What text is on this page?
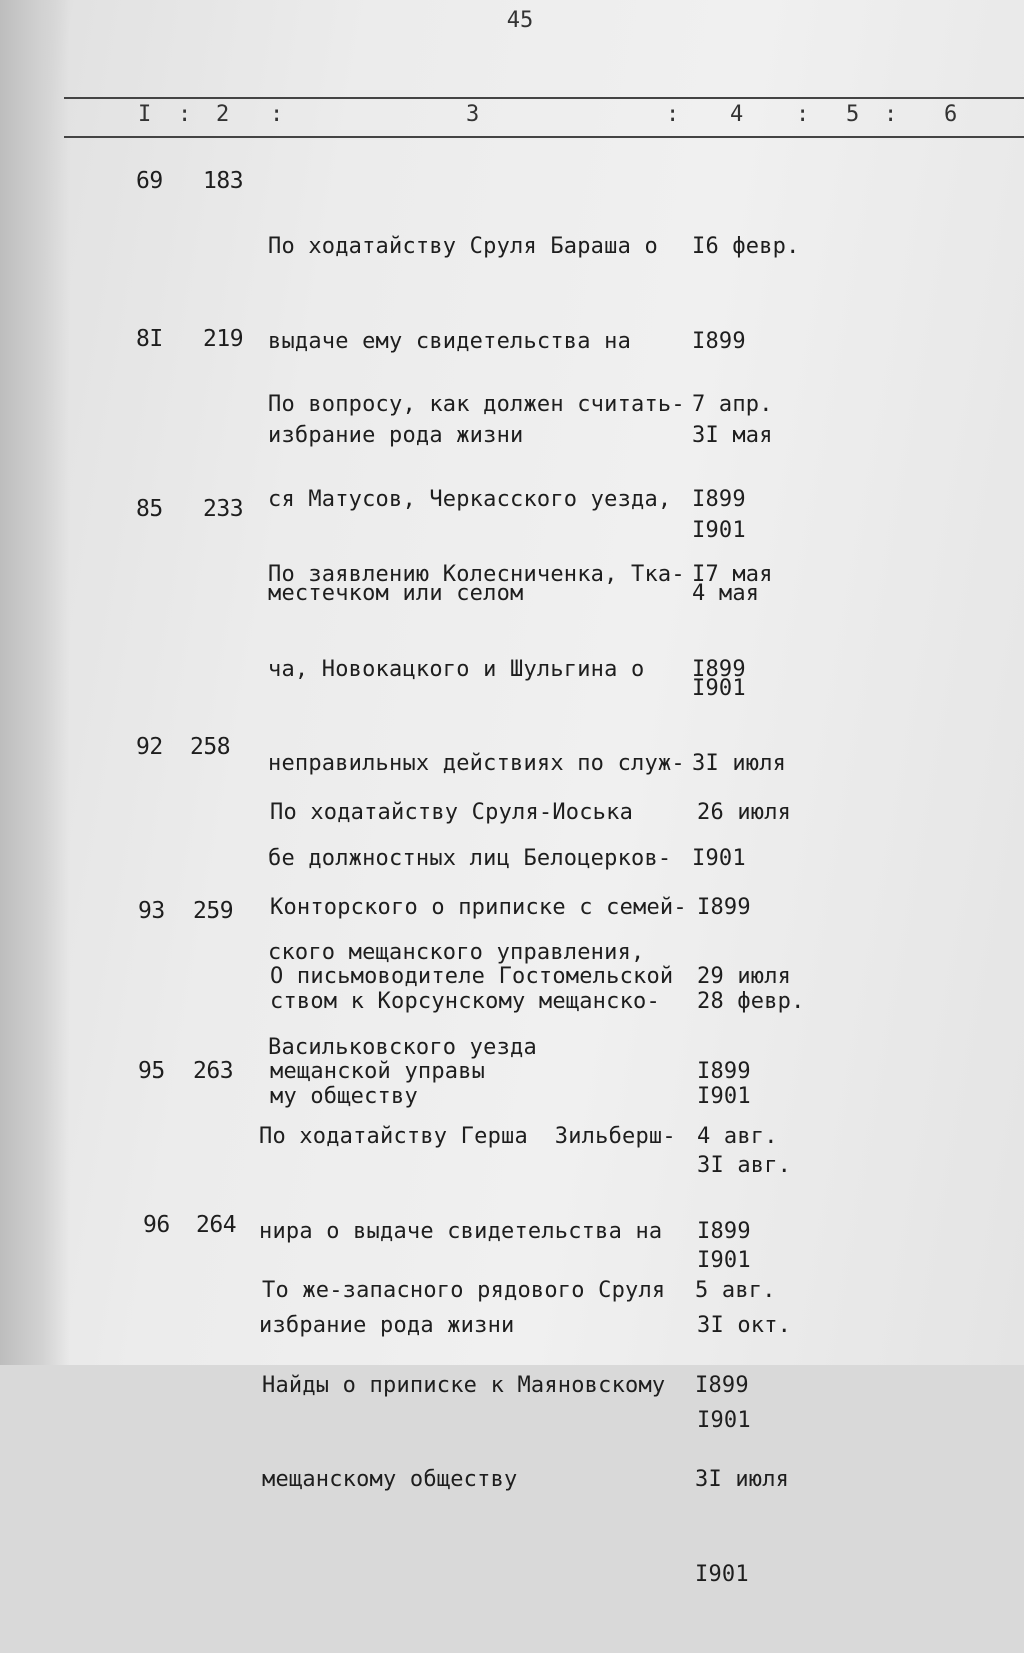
45
I : 2 :	3	: 4 : 5 : 6
69 183

По ходатайству Сруля Бараша о

выдаче ему свидетельства на

избрание рода жизни

I6 февр.

I899

3I мая

I901

8I 219

По вопросу, как должен считать-

ся Матусов, Черкасского уезда,

местечком или селом

7 апр.

I899

4 мая

I901

85 233

По заявлению Колесниченка, Тка-

ча, Новокацкого и Шульгина о

неправильных действиях по служ-

бе должностных лиц Белоцерков-

ского мещанского управления,

Васильковского уезда

I7 мая

I899

3I июля

I901

92 258

По ходатайству Сруля-Иоська

Конторского о приписке с семей-

ством к Корсунскому мещанско-

му обществу

26 июля

I899

28 февр.

I901

93 259

О письмоводителе Гостомельской

мещанской управы

29 июля

I899

3I авг.

I901

95 263

По ходатайству Герша  Зильберш-

нира о выдаче свидетельства на

избрание рода жизни

4 авг.

I899

3I окт.

I901

96 264

То же-запасного рядового Сруля

Найды о приписке к Маяновскому

мещанскому обществу

5 авг.

I899

3I июля

I901
